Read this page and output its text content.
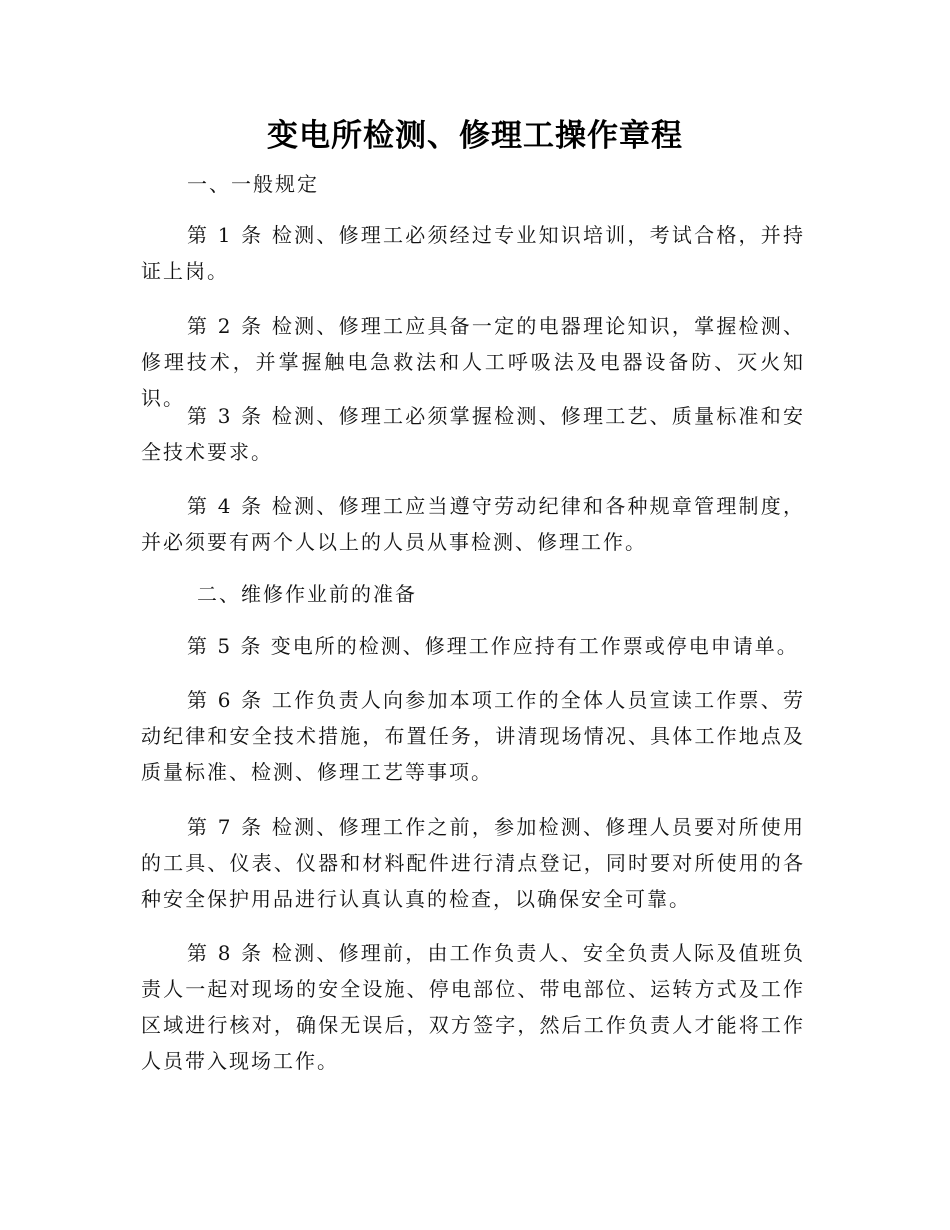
变电所检测、修理工操作章程

一、一般规定

第 1 条 检测、修理工必须经过专业知识培训，考试合格，并持证上岗。

第 2 条 检测、修理工应具备一定的电器理论知识，掌握检测、修理技术，并掌握触电急救法和人工呼吸法及电器设备防、灭火知识。

第 3 条 检测、修理工必须掌握检测、修理工艺、质量标准和安全技术要求。

第 4 条 检测、修理工应当遵守劳动纪律和各种规章管理制度，并必须要有两个人以上的人员从事检测、修理工作。

二、维修作业前的准备

第 5 条 变电所的检测、修理工作应持有工作票或停电申请单。

第 6 条 工作负责人向参加本项工作的全体人员宣读工作票、劳动纪律和安全技术措施，布置任务，讲清现场情况、具体工作地点及质量标准、检测、修理工艺等事项。

第 7 条 检测、修理工作之前，参加检测、修理人员要对所使用的工具、仪表、仪器和材料配件进行清点登记，同时要对所使用的各种安全保护用品进行认真认真的检查，以确保安全可靠。

第 8 条 检测、修理前，由工作负责人、安全负责人际及值班负责人一起对现场的安全设施、停电部位、带电部位、运转方式及工作区域进行核对，确保无误后，双方签字，然后工作负责人才能将工作人员带入现场工作。
